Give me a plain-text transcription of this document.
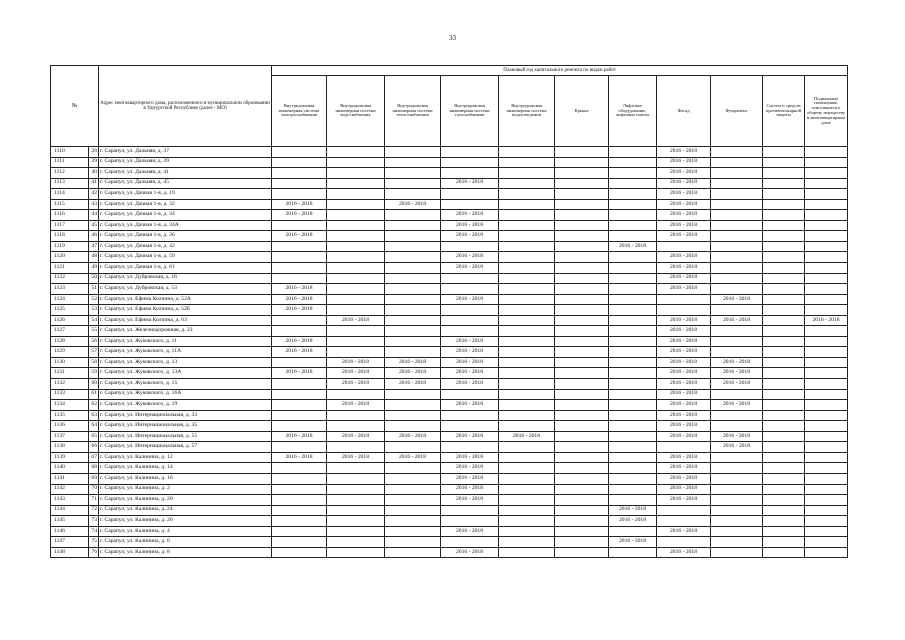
33
№		Адрес многоквартирного дома, расположенного в муниципальном образовании в Удмуртской Республике (далее - МО)	Плановый год капитального ремонта по видам работ										
			Внутридомовая инженерная система электроснабжения	Внутридомовая инженерная система водоснабжения	Внутридомовая инженерная система теплоснабжения	Внутридомовая инженерная система газоснабжения	Внутридомовая инженерная система водоотведения	Крыша	Лифтовое оборудование, лифтовые шахты	Фасад	Фундамент	Систем и средств противопожарной защиты	Подвальные помещения, относящиеся к общему имуществу в многоквартирном доме
1110	28	г. Сарапул, ул. Дальняя, д. 37								2016 - 2018			
1111	39	г. Сарапул, ул. Дальняя, д. 39								2016 - 2018			
1112	40	г. Сарапул, ул. Дальняя, д. 41								2016 - 2018			
1113	41	г. Сарапул, ул. Дальняя, д. 45				2016 - 2018				2016 - 2018			
1114	42	г. Сарапул, ул. Дачная 1-я, д. 19								2016 - 2018			
1115	43	г. Сарапул, ул. Дачная 1-я, д. 32	2016 - 2018		2016 - 2018					2016 - 2018			
1116	44	г. Сарапул, ул. Дачная 1-я, д. 34	2016 - 2018			2016 - 2018				2016 - 2018			
1117	45	г. Сарапул, ул. Дачная 1-я, д. 34А				2016 - 2018				2016 - 2018			
1118	46	г. Сарапул, ул. Дачная 1-я, д. 36	2016 - 2018			2016 - 2018				2016 - 2018			
1119	47	г. Сарапул, ул. Дачная 1-я, д. 42							2016 - 2018				
1120	48	г. Сарапул, ул. Дачная 1-я, д. 59				2016 - 2018				2016 - 2018			
1121	49	г. Сарапул, ул. Дачная 1-я, д. 61				2016 - 2018				2016 - 2018			
1122	50	г. Сарапул, ул. Дубровская, д. 16								2016 - 2018			
1123	51	г. Сарапул, ул. Дубровская, д. 53	2016 - 2018							2016 - 2018			
1124	52	г. Сарапул, ул. Ефима Колчина, д. 52А	2016 - 2018			2016 - 2018					2016 - 2018		
1125	53	г. Сарапул, ул. Ефима Колчина, д. 52Б	2016 - 2018										
1126	54	г. Сарапул, ул. Ефима Колчина, д. 63		2016 - 2018						2016 - 2018	2016 - 2018		2016 - 2018
1127	55	г. Сарапул, ул. Железнодорожная, д. 23								2016 - 2018			
1128	56	г. Сарапул, ул. Жуковского, д. 11	2016 - 2018			2016 - 2018				2016 - 2018			
1129	57	г. Сарапул, ул. Жуковского, д. 11А	2016 - 2018			2016 - 2018				2016 - 2018			
1130	58	г. Сарапул, ул. Жуковского, д. 13		2016 - 2018	2016 - 2018	2016 - 2018				2016 - 2018	2016 - 2018		
1131	59	г. Сарапул, ул. Жуковского, д. 13А	2016 - 2018	2016 - 2018	2016 - 2018	2016 - 2018				2016 - 2018	2016 - 2018		
1132	60	г. Сарапул, ул. Жуковского, д. 15		2016 - 2018	2016 - 2018	2016 - 2018				2016 - 2018	2016 - 2018		
1133	61	г. Сарапул, ул. Жуковского, д. 16А								2016 - 2018			
1134	62	г. Сарапул, ул. Жуковского, д. 19		2016 - 2018		2016 - 2018				2016 - 2018	2016 - 2018		
1135	63	г. Сарапул, ул. Интернациональная, д. 33								2016 - 2018			
1136	64	г. Сарапул, ул. Интернациональная, д. 35								2016 - 2018			
1137	65	г. Сарапул, ул. Интернациональная, д. 55	2016 - 2018	2016 - 2018	2016 - 2018	2016 - 2018	2016 - 2018			2016 - 2018	2016 - 2018		
1138	66	г. Сарапул, ул. Интернациональная, д. 57									2016 - 2018		
1139	67	г. Сарапул, ул. Калинина, д. 12	2016 - 2018	2016 - 2018	2016 - 2018	2016 - 2018				2016 - 2018			
1140	68	г. Сарапул, ул. Калинина, д. 14				2016 - 2018				2016 - 2018			
1141	69	г. Сарапул, ул. Калинина, д. 16				2016 - 2018				2016 - 2018			
1142	70	г. Сарапул, ул. Калинина, д. 2				2016 - 2018				2016 - 2018			
1143	71	г. Сарапул, ул. Калинина, д. 20				2016 - 2018				2016 - 2018			
1144	72	г. Сарапул, ул. Калинина, д. 24							2016 - 2018				
1145	73	г. Сарапул, ул. Калинина, д. 26							2016 - 2018				
1146	74	г. Сарапул, ул. Калинина, д. 4				2016 - 2018				2016 - 2018			
1147	75	г. Сарапул, ул. Калинина, д. 6							2016 - 2018				
1148	76	г. Сарапул, ул. Калинина, д. 8				2016 - 2018				2016 - 2018			
